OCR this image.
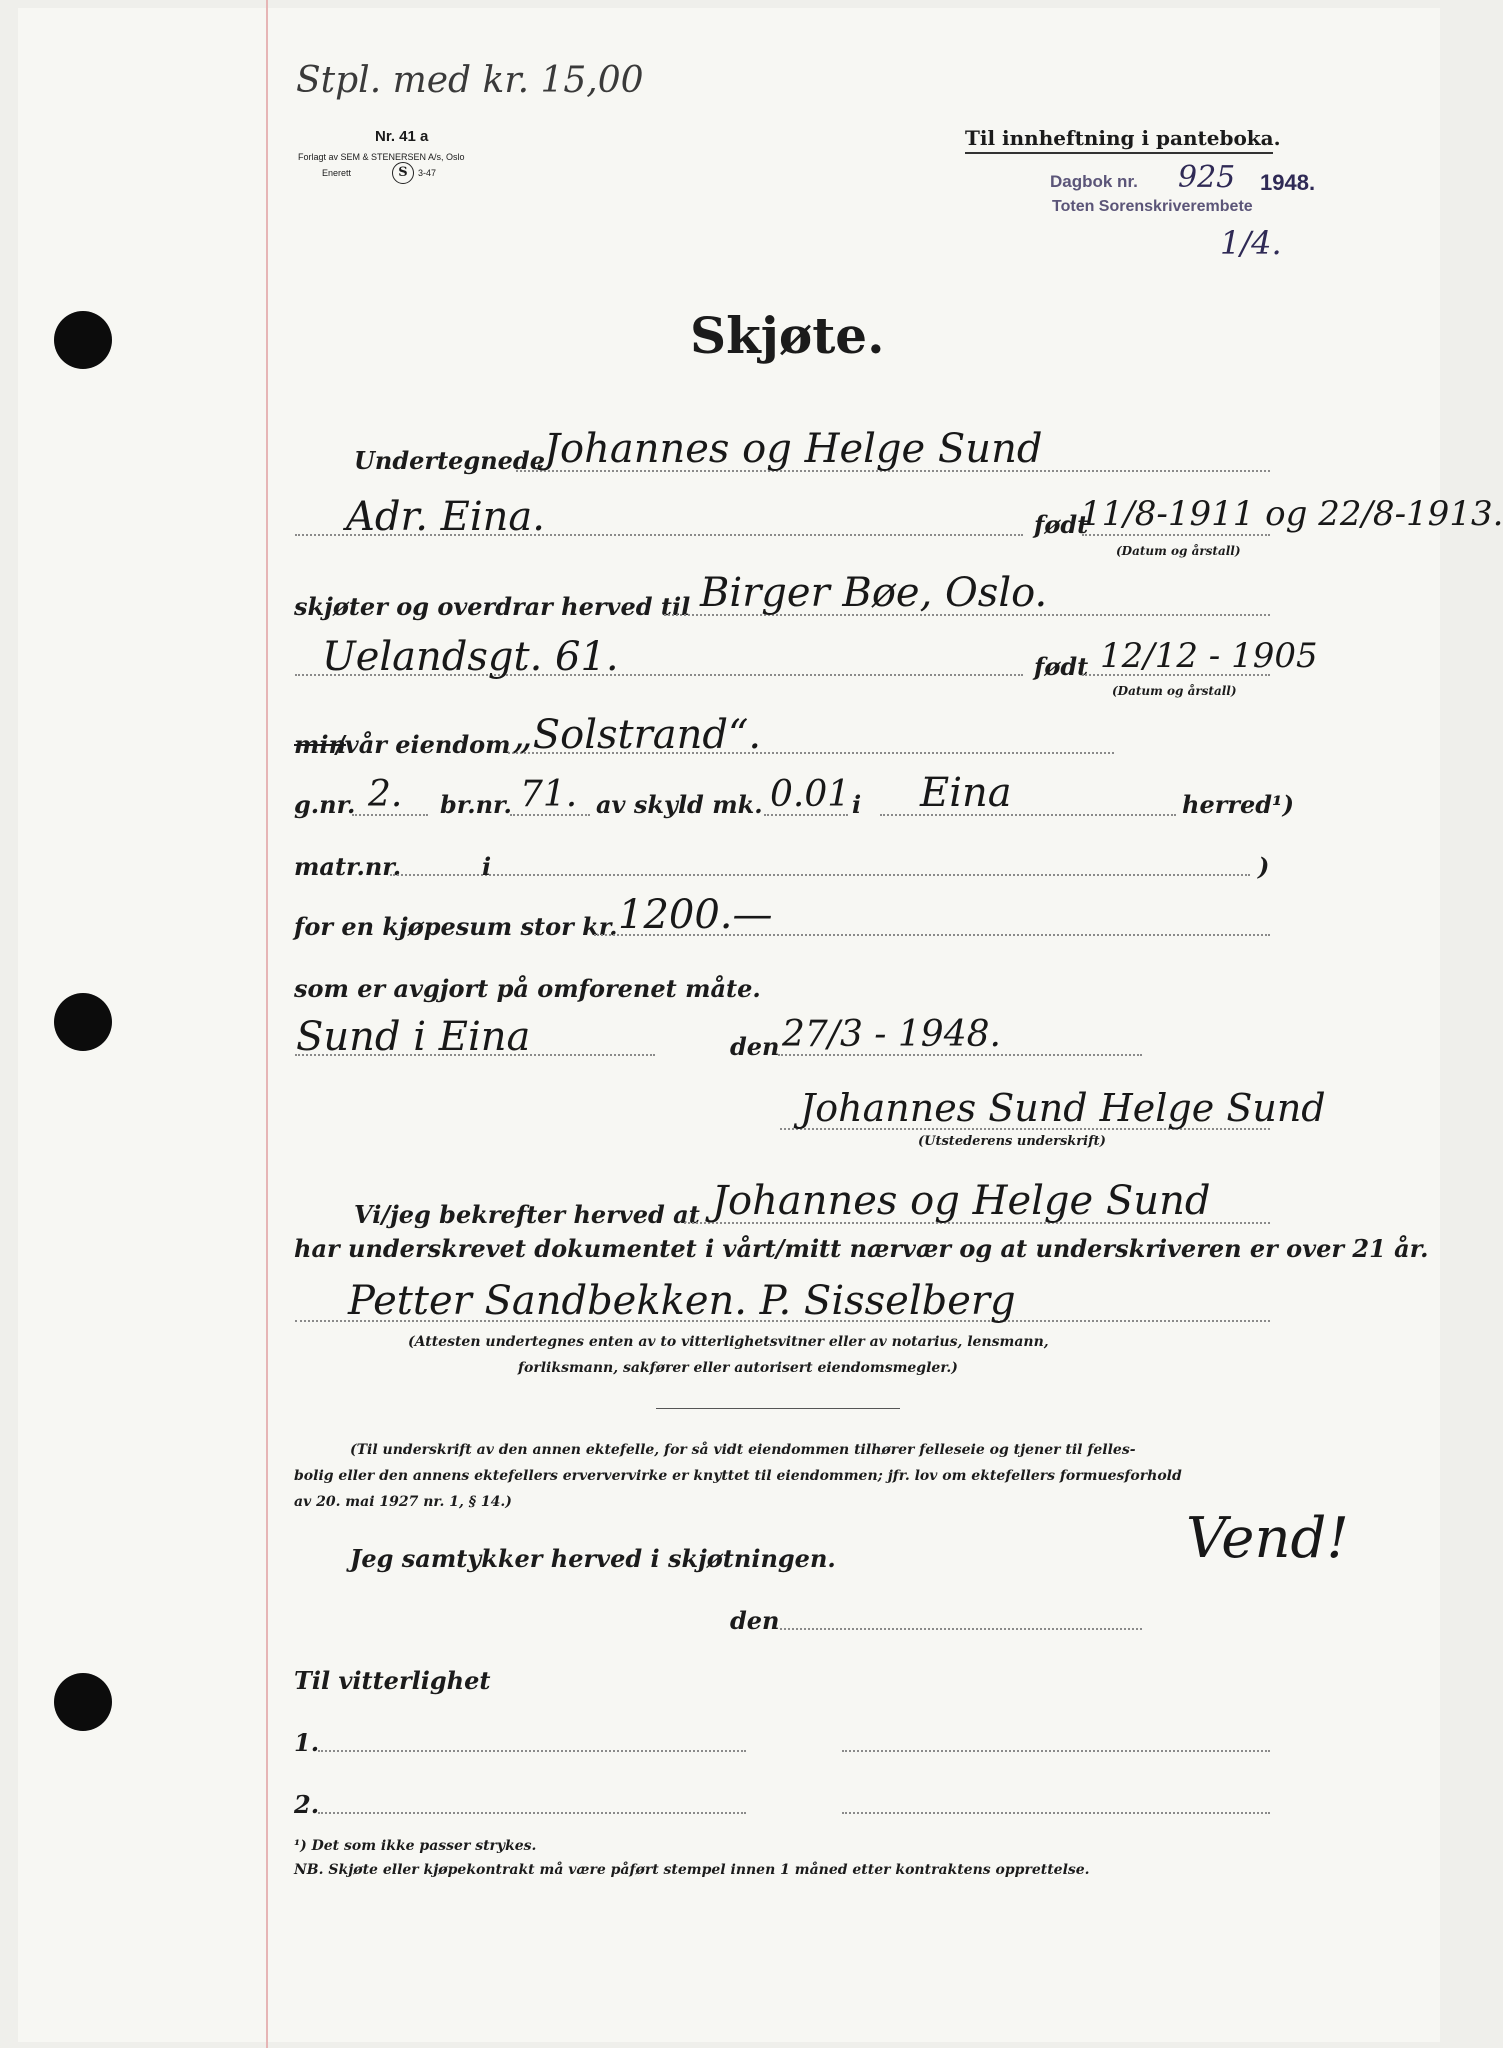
Stpl. med kr. 15,00
Nr. 41 a
Forlagt av SEM & STENERSEN A/s, Oslo
Enerett	S	3-47
Til innheftning i panteboka.
Dagbok nr. 925 1948.
Toten Sorenskriverembete
1/4.
Skjøte.
Undertegnede Johannes og Helge Sund
Adr. Eina.	født
11/8-1911 og 22/8-1913.
(Datum og årstall)
skjøter og overdrar herved til Birger Bøe, Oslo.
Uelandsgt. 61.	født 12/12 - 1905
(Datum og årstall)
min
/vår eiendom „Solstrand“.
g.nr. 2. br.nr. 71. av skyld mk. 0.01 i Eina	herred¹)
matr.nr.	i	)
for en kjøpesum stor kr. 1200.—
som er avgjort på omforenet måte.
Sund i Eina	den 27/3 - 1948.
Johannes Sund Helge Sund
(Utstederens underskrift)
Vi/jeg bekrefter herved at Johannes og Helge Sund
har underskrevet dokumentet i vårt/mitt nærvær og at underskriveren er over 21 år.
Petter Sandbekken. P. Sisselberg
(Attesten undertegnes enten av to vitterlighetsvitner eller av notarius, lensmann,
forliksmann, sakfører eller autorisert eiendomsmegler.)
(Til underskrift av den annen ektefelle, for så vidt eiendommen tilhører felleseie og tjener til felles-
bolig eller den annens ektefellers erververvirke er knyttet til eiendommen; jfr. lov om ektefellers formuesforhold
av 20. mai 1927 nr. 1, § 14.)
Jeg samtykker herved i skjøtningen.	Vend!
den
Til vitterlighet
1.
2.
¹) Det som ikke passer strykes.
NB. Skjøte eller kjøpekontrakt må være påført stempel innen 1 måned etter kontraktens opprettelse.
